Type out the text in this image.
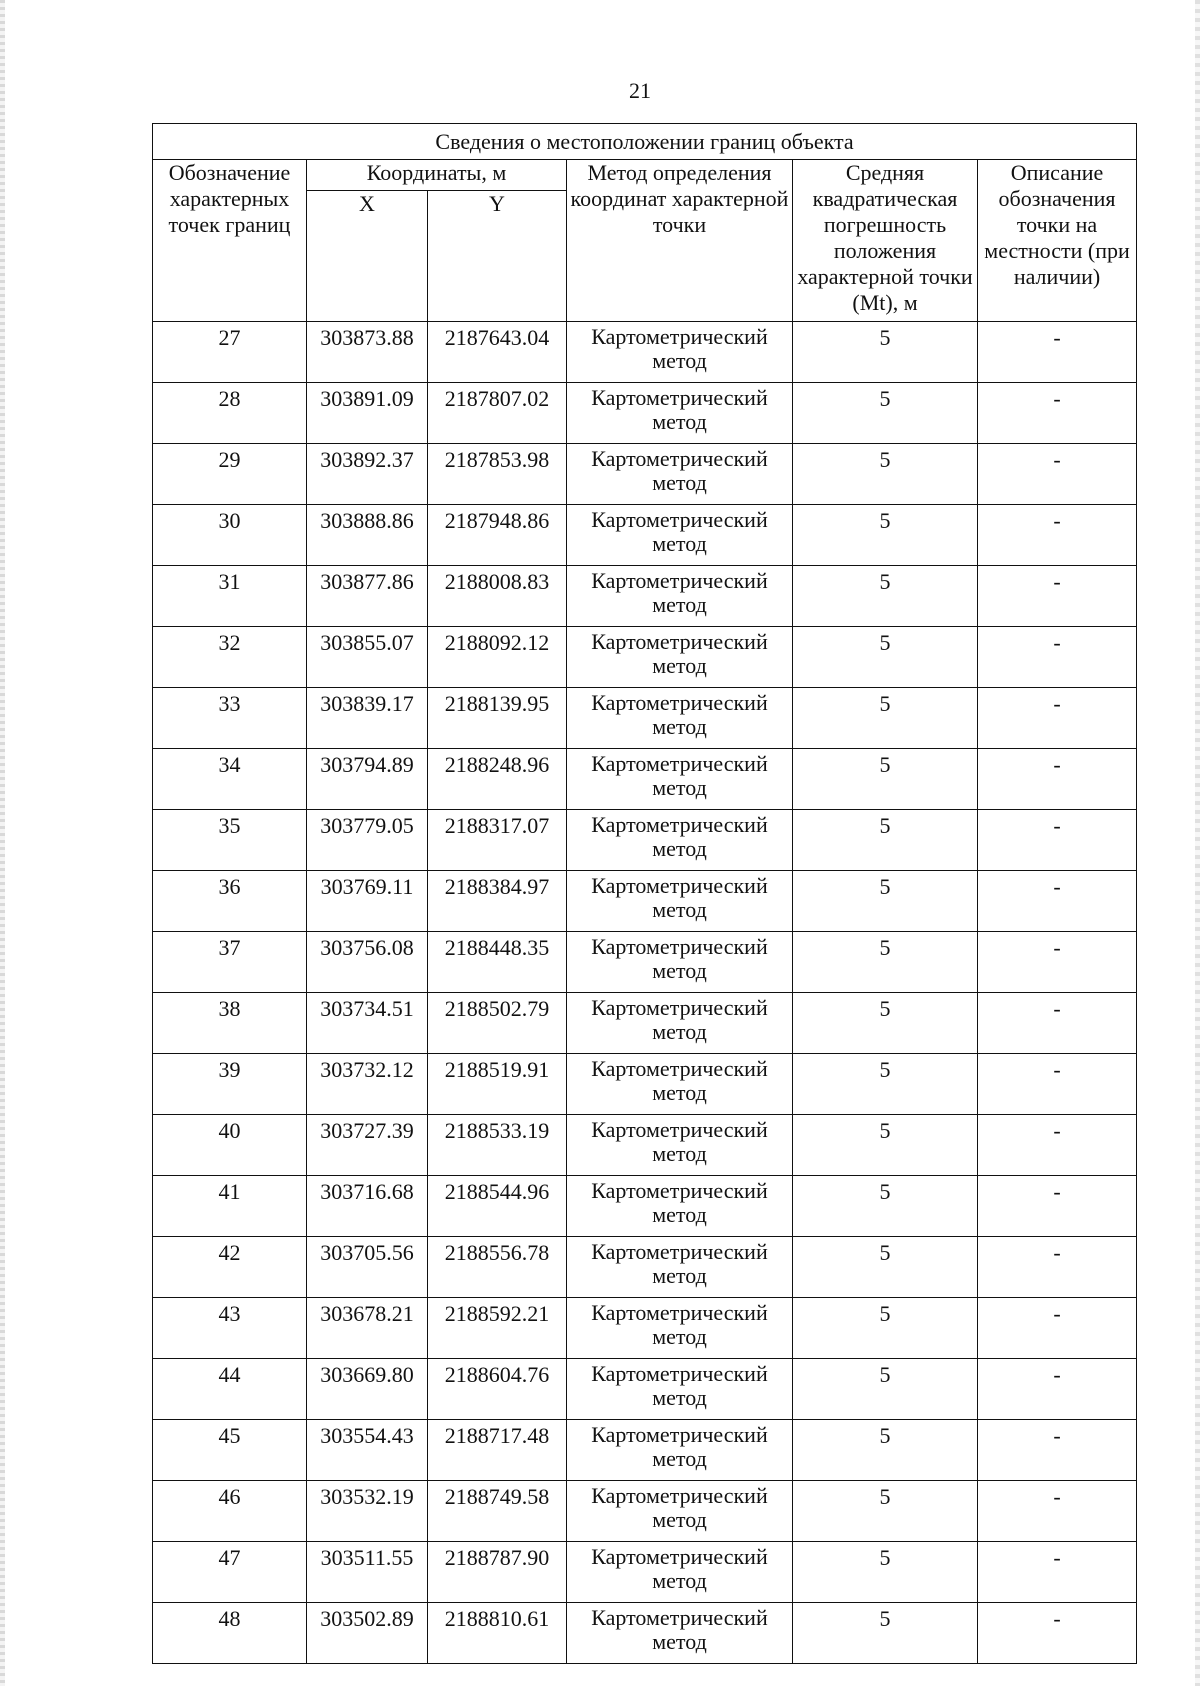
21
Сведения о местоположении границ объекта					
Обозначение характерных точек границ	Координаты, м		Метод определения координат характерной точки	Средняя квадратическая погрешность положения характерной точки (Mt), м	Описание обозначения точки на местности (при наличии)
	X	Y			
27	303873.88	2187643.04	Картометрический метод	5	-
28	303891.09	2187807.02	Картометрический метод	5	-
29	303892.37	2187853.98	Картометрический метод	5	-
30	303888.86	2187948.86	Картометрический метод	5	-
31	303877.86	2188008.83	Картометрический метод	5	-
32	303855.07	2188092.12	Картометрический метод	5	-
33	303839.17	2188139.95	Картометрический метод	5	-
34	303794.89	2188248.96	Картометрический метод	5	-
35	303779.05	2188317.07	Картометрический метод	5	-
36	303769.11	2188384.97	Картометрический метод	5	-
37	303756.08	2188448.35	Картометрический метод	5	-
38	303734.51	2188502.79	Картометрический метод	5	-
39	303732.12	2188519.91	Картометрический метод	5	-
40	303727.39	2188533.19	Картометрический метод	5	-
41	303716.68	2188544.96	Картометрический метод	5	-
42	303705.56	2188556.78	Картометрический метод	5	-
43	303678.21	2188592.21	Картометрический метод	5	-
44	303669.80	2188604.76	Картометрический метод	5	-
45	303554.43	2188717.48	Картометрический метод	5	-
46	303532.19	2188749.58	Картометрический метод	5	-
47	303511.55	2188787.90	Картометрический метод	5	-
48	303502.89	2188810.61	Картометрический метод	5	-
